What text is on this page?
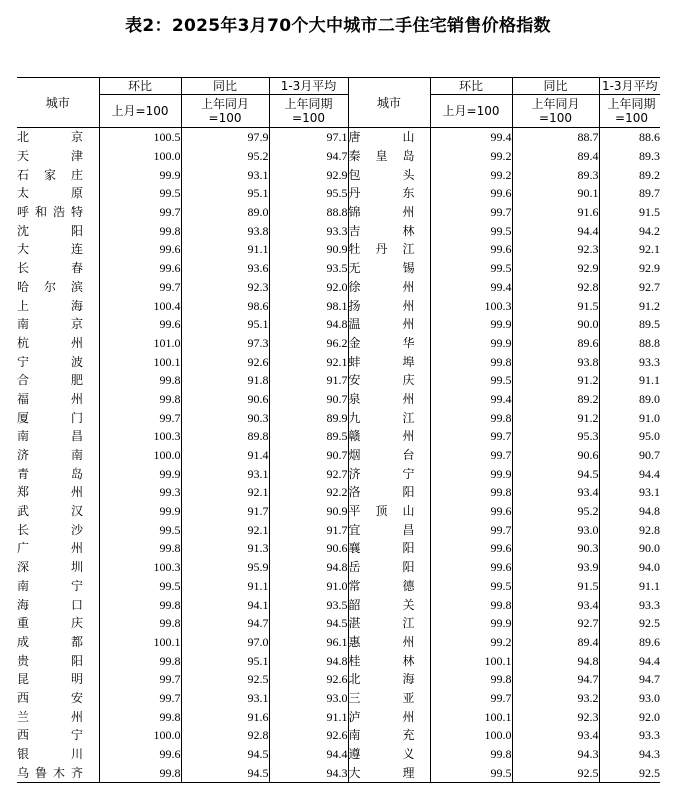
表2：2025年3月70个大中城市二手住宅销售价格指数
城市	环比	同比	1-3月平均	城市	环比	同比	1-3月平均
	上月=100	上年同月=100	上年同期=100		上月=100	上年同月=100	上年同期=100

北京	100.5	97.9	97.1	唐山	99.4	88.7	88.6

天津	100.0	95.2	94.7	秦皇岛	99.2	89.4	89.3

石家庄	99.9	93.1	92.9	包头	99.2	89.3	89.2

太原	99.5	95.1	95.5	丹东	99.6	90.1	89.7

呼和浩特	99.7	89.0	88.8	锦州	99.7	91.6	91.5

沈阳	99.8	93.8	93.3	吉林	99.5	94.4	94.2

大连	99.6	91.1	90.9	牡丹江	99.6	92.3	92.1

长春	99.6	93.6	93.5	无锡	99.5	92.9	92.9

哈尔滨	99.7	92.3	92.0	徐州	99.4	92.8	92.7

上海	100.4	98.6	98.1	扬州	100.3	91.5	91.2

南京	99.6	95.1	94.8	温州	99.9	90.0	89.5

杭州	101.0	97.3	96.2	金华	99.9	89.6	88.8

宁波	100.1	92.6	92.1	蚌埠	99.8	93.8	93.3

合肥	99.8	91.8	91.7	安庆	99.5	91.2	91.1

福州	99.8	90.6	90.7	泉州	99.4	89.2	89.0

厦门	99.7	90.3	89.9	九江	99.8	91.2	91.0

南昌	100.3	89.8	89.5	赣州	99.7	95.3	95.0

济南	100.0	91.4	90.7	烟台	99.7	90.6	90.7

青岛	99.9	93.1	92.7	济宁	99.9	94.5	94.4

郑州	99.3	92.1	92.2	洛阳	99.8	93.4	93.1

武汉	99.9	91.7	90.9	平顶山	99.6	95.2	94.8

长沙	99.5	92.1	91.7	宜昌	99.7	93.0	92.8

广州	99.8	91.3	90.6	襄阳	99.6	90.3	90.0

深圳	100.3	95.9	94.8	岳阳	99.6	93.9	94.0

南宁	99.5	91.1	91.0	常德	99.5	91.5	91.1

海口	99.8	94.1	93.5	韶关	99.8	93.4	93.3

重庆	99.8	94.7	94.5	湛江	99.9	92.7	92.5

成都	100.1	97.0	96.1	惠州	99.2	89.4	89.6

贵阳	99.8	95.1	94.8	桂林	100.1	94.8	94.4

昆明	99.7	92.5	92.6	北海	99.8	94.7	94.7

西安	99.7	93.1	93.0	三亚	99.7	93.2	93.0

兰州	99.8	91.6	91.1	泸州	100.1	92.3	92.0

西宁	100.0	92.8	92.6	南充	100.0	93.4	93.3

银川	99.6	94.5	94.4	遵义	99.8	94.3	94.3

乌鲁木齐	99.8	94.5	94.3	大理	99.5	92.5	92.5
